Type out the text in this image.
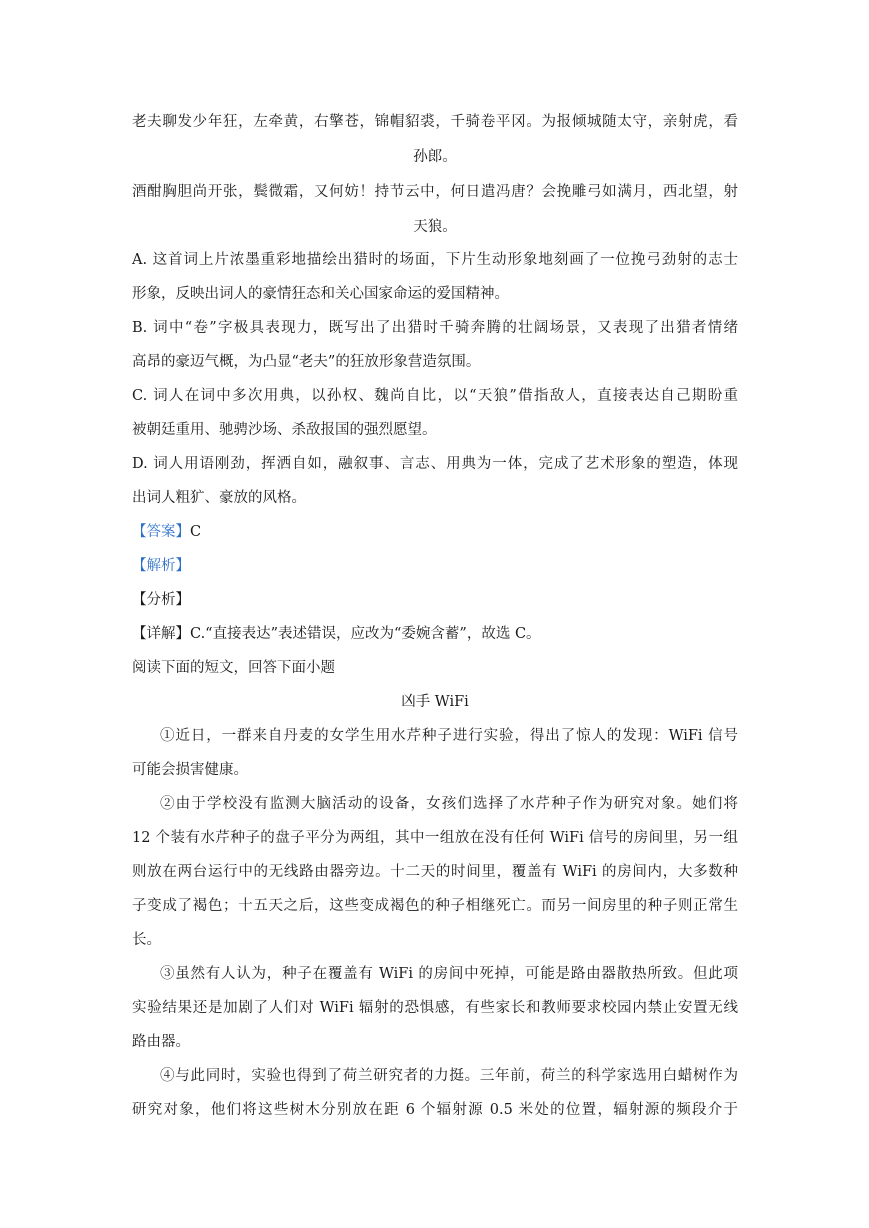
老夫聊发少年狂，左牵黄，右擎苍，锦帽貂裘，千骑卷平冈。为报倾城随太守，亲射虎，看
孙郎。
酒酣胸胆尚开张，鬓微霜，又何妨！持节云中，何日遣冯唐？会挽雕弓如满月，西北望，射
天狼。
A. 这首词上片浓墨重彩地描绘出猎时的场面，下片生动形象地刻画了一位挽弓劲射的志士
形象，反映出词人的豪情狂态和关心国家命运的爱国精神。
B. 词中“卷”字极具表现力，既写出了出猎时千骑奔腾的壮阔场景，又表现了出猎者情绪
高昂的豪迈气概，为凸显“老夫”的狂放形象营造氛围。
C. 词人在词中多次用典，以孙权、魏尚自比，以“天狼”借指敌人，直接表达自己期盼重
被朝廷重用、驰骋沙场、杀敌报国的强烈愿望。
D. 词人用语刚劲，挥洒自如，融叙事、言志、用典为一体，完成了艺术形象的塑造，体现
出词人粗犷、豪放的风格。
【答案】C
【解析】
【分析】
【详解】C.“直接表达”表述错误，应改为“委婉含蓄”，故选 C。
阅读下面的短文，回答下面小题
凶手 WiFi
①近日，一群来自丹麦的女学生用水芹种子进行实验，得出了惊人的发现：WiFi 信号
可能会损害健康。
②由于学校没有监测大脑活动的设备，女孩们选择了水芹种子作为研究对象。她们将
12 个装有水芹种子的盘子平分为两组，其中一组放在没有任何 WiFi 信号的房间里，另一组
则放在两台运行中的无线路由器旁边。十二天的时间里，覆盖有 WiFi 的房间内，大多数种
子变成了褐色；十五天之后，这些变成褐色的种子相继死亡。而另一间房里的种子则正常生
长。
③虽然有人认为，种子在覆盖有 WiFi 的房间中死掉，可能是路由器散热所致。但此项
实验结果还是加剧了人们对 WiFi 辐射的恐惧感，有些家长和教师要求校园内禁止安置无线
路由器。
④与此同时，实验也得到了荷兰研究者的力挺。三年前，荷兰的科学家选用白蜡树作为
研究对象，他们将这些树木分别放在距 6 个辐射源 0.5 米处的位置，辐射源的频段介于
